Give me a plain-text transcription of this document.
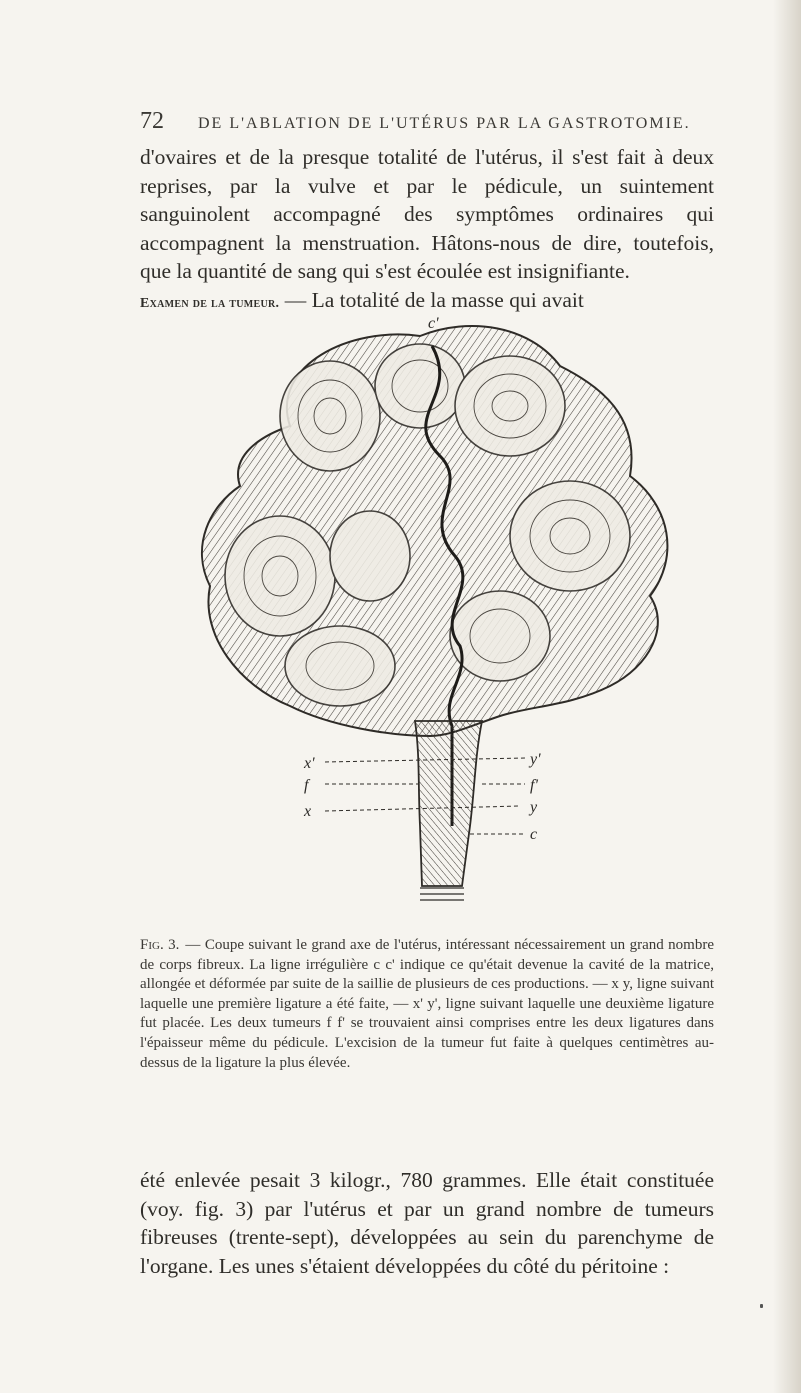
72 DE L'ABLATION DE L'UTÉRUS PAR LA GASTROTOMIE.
d'ovaires et de la presque totalité de l'utérus, il s'est fait à deux reprises, par la vulve et par le pédicule, un suintement sanguinolent accompagné des symptômes ordinaires qui accompagnent la menstruation. Hâtons-nous de dire, toutefois, que la quantité de sang qui s'est écoulée est insignifiante.
Examen de la tumeur. — La totalité de la masse qui avait
c'
x'
f
x
y'
f'
y
c
Fig. 3. — Coupe suivant le grand axe de l'utérus, intéressant nécessairement un grand nombre de corps fibreux. La ligne irrégulière c c' indique ce qu'était devenue la cavité de la matrice, allongée et déformée par suite de la saillie de plusieurs de ces productions. — x y, ligne suivant laquelle une première ligature a été faite, — x' y', ligne suivant laquelle une deuxième ligature fut placée. Les deux tumeurs f f' se trouvaient ainsi comprises entre les deux ligatures dans l'épaisseur même du pédicule. L'excision de la tumeur fut faite à quelques centimètres au-dessus de la ligature la plus élevée.
été enlevée pesait 3 kilogr., 780 grammes. Elle était constituée (voy. fig. 3) par l'utérus et par un grand nombre de tumeurs fibreuses (trente-sept), développées au sein du parenchyme de l'organe. Les unes s'étaient développées du côté du péritoine :
